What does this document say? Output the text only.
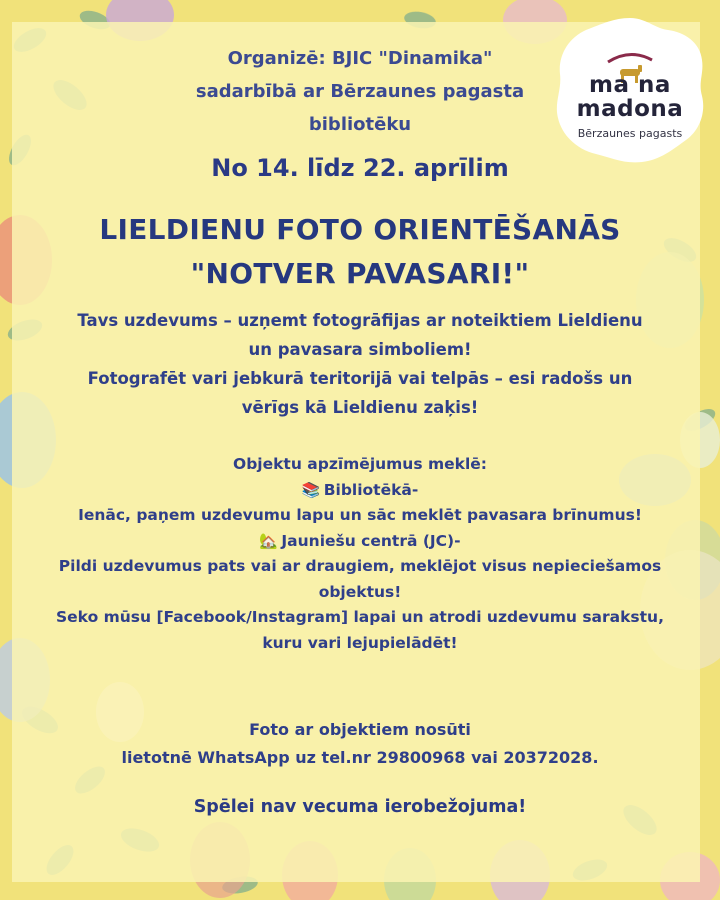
Organizē: BJIC "Dinamika"
sadarbībā ar Bērzaunes pagasta
bibliotēku
No 14. līdz 22. aprīlim
LIELDIENU FOTO ORIENTĒŠANĀS
"NOTVER PAVASARI!"
Tavs uzdevums – uzņemt fotogrāfijas ar noteiktiem Lieldienu
un pavasara simboliem!
Fotografēt vari jebkurā teritorijā vai telpās – esi radošs un
vērīgs kā Lieldienu zaķis!
Objektu apzīmējumus meklē:
📚 Bibliotēkā-
Ienāc, paņem uzdevumu lapu un sāc meklēt pavasara brīnumus!
🏡 Jauniešu centrā (JC)-
Pildi uzdevumus pats vai ar draugiem, meklējot visus nepieciešamos
objektus!
Seko mūsu [Facebook/Instagram] lapai un atrodi uzdevumu sarakstu,
kuru vari lejupielādēt!
Foto ar objektiem nosūti
lietotnē WhatsApp uz tel.nr 29800968 vai 20372028.
Spēlei nav vecuma ierobežojuma!
ma na
madona
Bērzaunes pagasts
